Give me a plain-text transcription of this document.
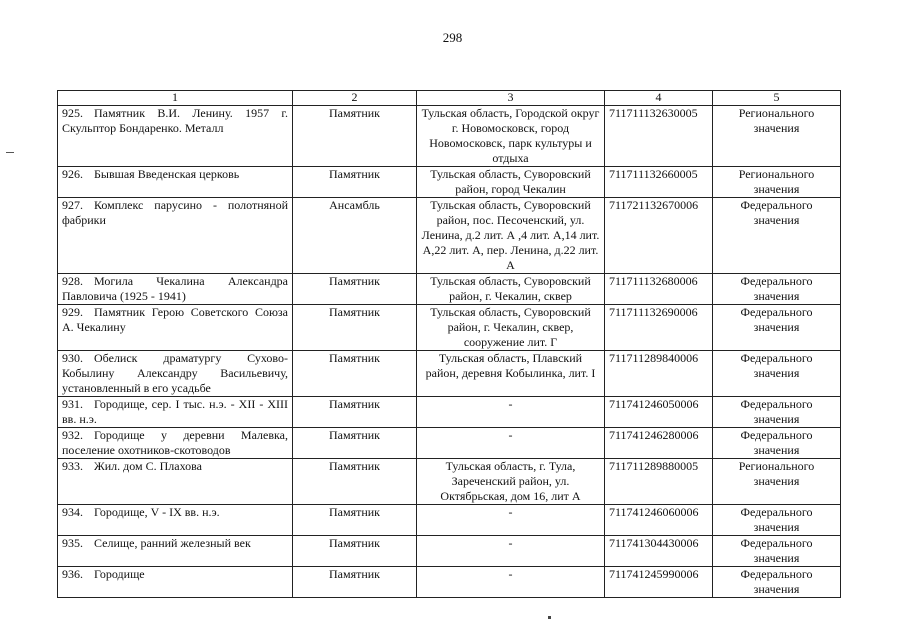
298
1	2	3	4	5
925. Памятник В.И. Ленину. 1957 г. Скульптор Бондаренко. Металл	Памятник	Тульская область, Городской округ г. Новомосковск, город Новомосковск, парк культуры и отдыха	711711132630005	Регионального значения
926. Бывшая Введенская церковь	Памятник	Тульская область, Суворовский район, город Чекалин	711711132660005	Регионального значения
927. Комплекс парусино - полотняной фабрики	Ансамбль	Тульская область, Суворовский район, пос. Песоченский, ул. Ленина, д.2 лит. А ,4 лит. А,14 лит. А,22 лит. А, пер. Ленина, д.22 лит. А	711721132670006	Федерального значения
928. Могила Чекалина Александра Павловича (1925 - 1941)	Памятник	Тульская область, Суворовский район, г. Чекалин, сквер	711711132680006	Федерального значения
929. Памятник Герою Советского Союза А. Чекалину	Памятник	Тульская область, Суворовский район, г. Чекалин, сквер, сооружение лит. Г	711711132690006	Федерального значения
930. Обелиск драматургу Сухово-Кобылину Александру Васильевичу, установленный в его усадьбе	Памятник	Тульская область, Плавский район, деревня Кобылинка, лит. I	711711289840006	Федерального значения
931. Городище, сер. I тыс. н.э. - XII - XIII вв. н.э.	Памятник	-	711741246050006	Федерального значения
932. Городище у деревни Малевка, поселение охотников-скотоводов	Памятник	-	711741246280006	Федерального значения
933. Жил. дом С. Плахова	Памятник	Тульская область, г. Тула, Зареченский район, ул. Октябрьская, дом 16, лит А	711711289880005	Регионального значения
934. Городище, V - IX вв. н.э.	Памятник	-	711741246060006	Федерального значения
935. Селище, ранний железный век	Памятник	-	711741304430006	Федерального значения
936. Городище	Памятник	-	711741245990006	Федерального значения
